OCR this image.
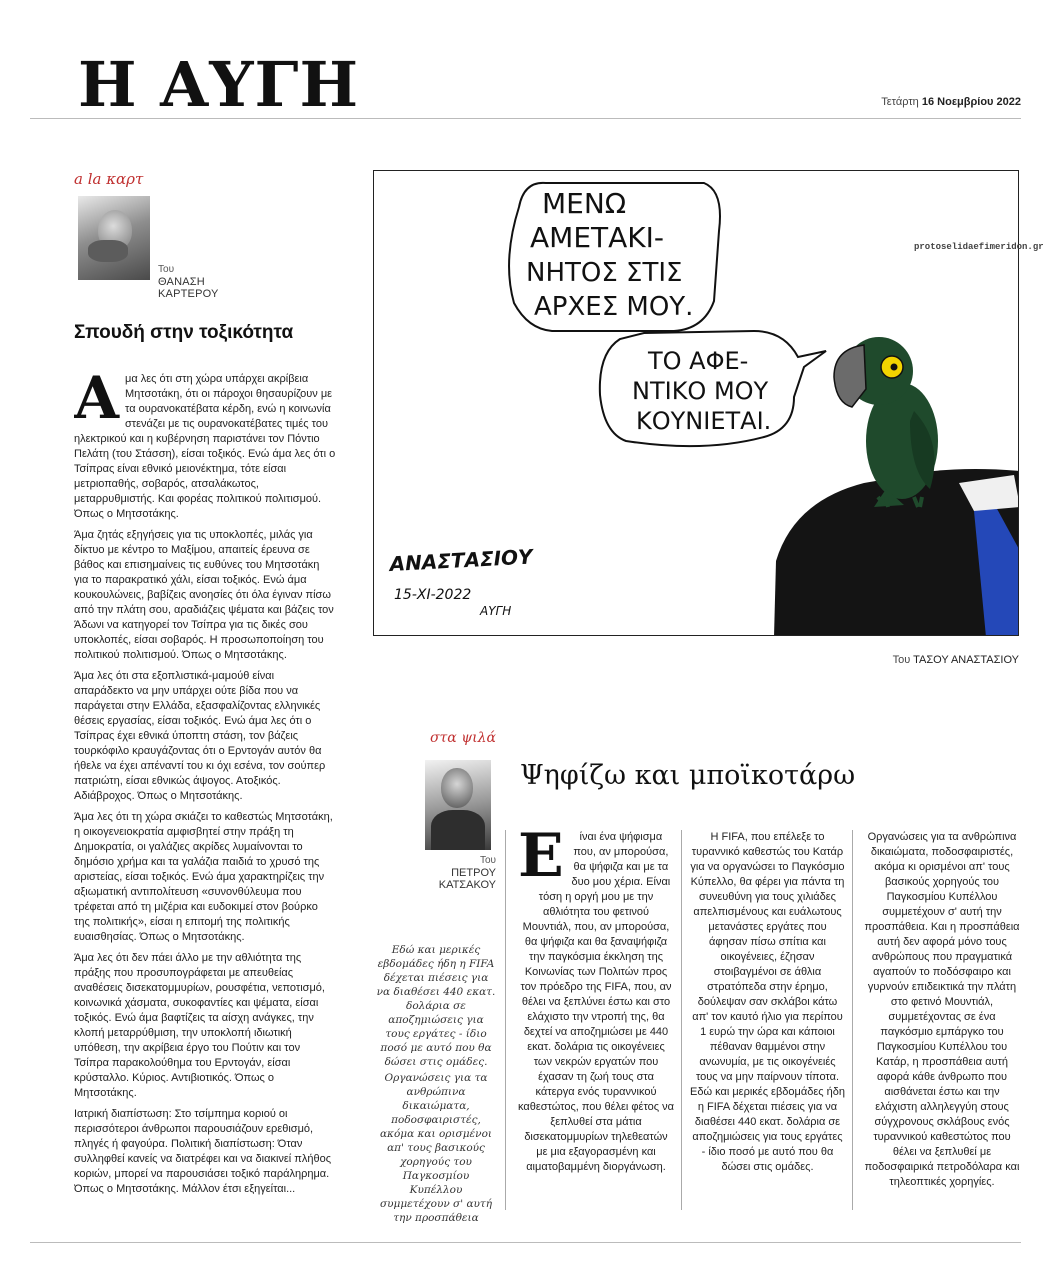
Η ΑΥΓΗ	Τετάρτη 16 Νοεμβρίου 2022
a la καρτ
Του
ΘΑΝΑΣΗ
ΚΑΡΤΕΡΟΥ
Σπουδή στην τοξικότητα

Αμα λες ότι στη χώρα υπάρχει ακρίβεια Μητσοτάκη, ότι οι πάροχοι θησαυρίζουν με τα ουρανοκατέβατα κέρδη, ενώ η κοινωνία στενάζει με τις ουρανοκατέβατες τιμές του ηλεκτρικού και η κυβέρνηση παριστάνει τον Πόντιο Πελάτη (του Στάσση), είσαι τοξικός. Ενώ άμα λες ότι ο Τσίπρας είναι εθνικό μειονέκτημα, τότε είσαι μετριοπαθής, σοβαρός, ατσαλάκωτος, μεταρρυθμιστής. Και φορέας πολιτικού πολιτισμού. Όπως ο Μητσοτάκης.

Άμα ζητάς εξηγήσεις για τις υποκλοπές, μιλάς για δίκτυο με κέντρο το Μαξίμου, απαιτείς έρευνα σε βάθος και επισημαίνεις τις ευθύνες του Μητσοτάκη για το παρακρατικό χάλι, είσαι τοξικός. Ενώ άμα κουκουλώνεις, βαβίζεις ανοησίες ότι όλα έγιναν πίσω από την πλάτη σου, αραδιάζεις ψέματα και βάζεις τον Άδωνι να κατηγορεί τον Τσίπρα για τις δικές σου υποκλοπές, είσαι σοβαρός. Η προσωποποίηση του πολιτικού πολιτισμού. Όπως ο Μητσοτάκης.

Άμα λες ότι στα εξοπλιστικά-μαμούθ είναι απαράδεκτο να μην υπάρχει ούτε βίδα που να παράγεται στην Ελλάδα, εξασφαλίζοντας ελληνικές θέσεις εργασίας, είσαι τοξικός. Ενώ άμα λες ότι ο Τσίπρας έχει εθνικά ύποπτη στάση, τον βάζεις τουρκόφιλο κραυγάζοντας ότι ο Ερντογάν αυτόν θα ήθελε να έχει απέναντί του κι όχι εσένα, τον σούπερ πατριώτη, είσαι εθνικώς άψογος. Ατοξικός. Αδιάβροχος. Όπως ο Μητσοτάκης.

Άμα λες ότι τη χώρα σκιάζει το καθεστώς Μητσοτάκη, η οικογενειοκρατία αμφισβητεί στην πράξη τη Δημοκρατία, οι γαλάζιες ακρίδες λυμαίνονται το δημόσιο χρήμα και τα γαλάζια παιδιά το χρυσό της αριστείας, είσαι τοξικός. Ενώ άμα χαρακτηρίζεις την αξιωματική αντιπολίτευση «συνονθύλευμα που τρέφεται από τη μιζέρια και ευδοκιμεί στον βούρκο της πολιτικής», είσαι η επιτομή της πολιτικής ευαισθησίας. Όπως ο Μητσοτάκης.

Άμα λες ότι δεν πάει άλλο με την αθλιότητα της πράξης που προσυπογράφεται με απευθείας αναθέσεις δισεκατομμυρίων, ρουσφέτια, νεποτισμό, κοινωνικά χάσματα, συκοφαντίες και ψέματα, είσαι τοξικός. Ενώ άμα βαφτίζεις τα αίσχη ανάγκες, την κλοπή μεταρρύθμιση, την υποκλοπή ιδιωτική υπόθεση, την ακρίβεια έργο του Πούτιν και τον Τσίπρα παρακολούθημα του Ερντογάν, είσαι κρύσταλλο. Κύριος. Αντιβιοτικός. Όπως ο Μητσοτάκης.

Ιατρική διαπίστωση: Στο τσίμπημα κοριού οι περισσότεροι άνθρωποι παρουσιάζουν ερεθισμό, πληγές ή φαγούρα. Πολιτική διαπίστωση: Όταν συλληφθεί κανείς να διατρέφει και να διακινεί πλήθος κοριών, μπορεί να παρουσιάσει τοξικό παράληρημα. Όπως ο Μητσοτάκης. Μάλλον έτσι εξηγείται...

ΜΕΝΩ
ΑΜΕΤΑΚΙ-
ΝΗΤΟΣ ΣΤΙΣ
ΑΡΧΕΣ ΜΟΥ.
ΤΟ ΑΦΕ-
ΝΤΙΚΟ ΜΟΥ
ΚΟΥΝΙΕΤΑΙ.
ΑΝΑΣΤΑΣΙΟΥ
15-ΧΙ-2022
ΑΥΓΗ
protoselidaefimeridon.gr
Του ΤΑΣΟΥ ΑΝΑΣΤΑΣΙΟΥ
στα ψιλά
Του
ΠΕΤΡΟΥ
ΚΑΤΣΑΚΟΥ
Ψηφίζω και μποϊκοτάρω

Εδώ και μερικές εβδομάδες ήδη η FIFA δέχεται πιέσεις για να διαθέσει 440 εκατ. δολάρια σε αποζημιώσεις για τους εργάτες - ίδιο ποσό με αυτό που θα δώσει στις ομάδες.

Οργανώσεις για τα ανθρώπινα δικαιώματα, ποδοσφαιριστές, ακόμα και ορισμένοι απ' τους βασικούς χορηγούς του Παγκοσμίου Κυπέλλου συμμετέχουν σ' αυτή την προσπάθεια

Ε ίναι ένα ψήφισμα που, αν μπορούσα, θα ψήφιζα και με τα δυο μου χέρια. Είναι τόση η οργή μου με την αθλιότητα του φετινού Μουντιάλ, που, αν μπορούσα, θα ψήφιζα και θα ξαναψήφιζα την παγκόσμια έκκληση της Κοινωνίας των Πολιτών προς τον πρόεδρο της FIFA, που, αν θέλει να ξεπλύνει έστω και στο ελάχιστο την ντροπή της, θα δεχτεί να αποζημιώσει με 440 εκατ. δολάρια τις οικογένειες των νεκρών εργατών που έχασαν τη ζωή τους στα κάτεργα ενός τυραννικού καθεστώτος, που θέλει φέτος να ξεπλυθεί στα μάτια δισεκατομμυρίων τηλεθεατών με μια εξαγορασμένη και αιματοβαμμένη διοργάνωση.
Η FIFA, που επέλεξε το τυραννικό καθεστώς του Κατάρ για να οργανώσει το Παγκόσμιο Κύπελλο, θα φέρει για πάντα τη συνευθύνη για τους χιλιάδες απελπισμένους και ευάλωτους μετανάστες εργάτες που άφησαν πίσω σπίτια και οικογένειες, έζησαν στοιβαγμένοι σε άθλια στρατόπεδα στην έρημο, δούλεψαν σαν σκλάβοι κάτω απ' τον καυτό ήλιο για περίπου 1 ευρώ την ώρα και κάποιοι πέθαναν θαμμένοι στην ανωνυμία, με τις οικογένειές τους να μην παίρνουν τίποτα. Εδώ και μερικές εβδομάδες ήδη η FIFA δέχεται πιέσεις για να διαθέσει 440 εκατ. δολάρια σε αποζημιώσεις για τους εργάτες - ίδιο ποσό με αυτό που θα δώσει στις ομάδες.
Οργανώσεις για τα ανθρώπινα δικαιώματα, ποδοσφαιριστές, ακόμα κι ορισμένοι απ' τους βασικούς χορηγούς του Παγκοσμίου Κυπέλλου συμμετέχουν σ' αυτή την προσπάθεια. Και η προσπάθεια αυτή δεν αφορά μόνο τους ανθρώπους που πραγματικά αγαπούν το ποδόσφαιρο και γυρνούν επιδεικτικά την πλάτη στο φετινό Μουντιάλ, συμμετέχοντας σε ένα παγκόσμιο εμπάργκο του Παγκοσμίου Κυπέλλου του Κατάρ, η προσπάθεια αυτή αφορά κάθε άνθρωπο που αισθάνεται έστω και την ελάχιστη αλληλεγγύη στους σύγχρονους σκλάβους ενός τυραννικού καθεστώτος που θέλει να ξεπλυθεί με ποδοσφαιρικά πετροδόλαρα και τηλεοπτικές χορηγίες.
